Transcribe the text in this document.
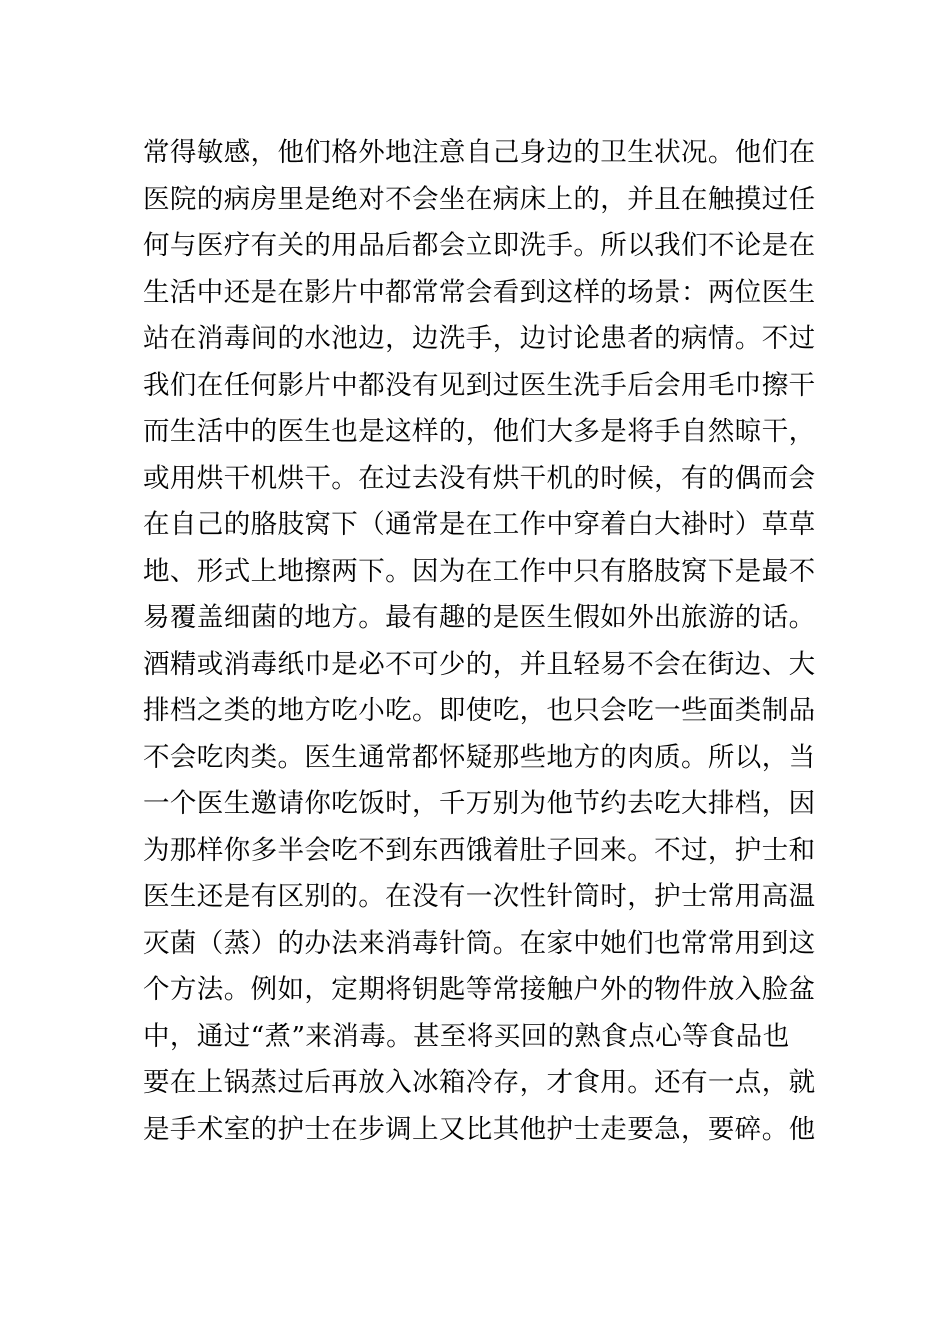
常得敏感，他们格外地注意自己身边的卫生状况。他们在
医院的病房里是绝对不会坐在病床上的，并且在触摸过任
何与医疗有关的用品后都会立即洗手。所以我们不论是在
生活中还是在影片中都常常会看到这样的场景：两位医生
站在消毒间的水池边，边洗手，边讨论患者的病情。不过
我们在任何影片中都没有见到过医生洗手后会用毛巾擦干
而生活中的医生也是这样的，他们大多是将手自然晾干，
或用烘干机烘干。在过去没有烘干机的时候，有的偶而会
在自己的胳肢窝下（通常是在工作中穿着白大褂时）草草
地、形式上地擦两下。因为在工作中只有胳肢窝下是最不
易覆盖细菌的地方。最有趣的是医生假如外出旅游的话。
酒精或消毒纸巾是必不可少的，并且轻易不会在街边、大
排档之类的地方吃小吃。即使吃，也只会吃一些面类制品
不会吃肉类。医生通常都怀疑那些地方的肉质。所以，当
一个医生邀请你吃饭时，千万别为他节约去吃大排档，因
为那样你多半会吃不到东西饿着肚子回来。不过，护士和
医生还是有区别的。在没有一次性针筒时，护士常用高温
灭菌（蒸）的办法来消毒针筒。在家中她们也常常用到这
个方法。例如，定期将钥匙等常接触户外的物件放入脸盆
中，通过“煮”来消毒。甚至将买回的熟食点心等食品也
要在上锅蒸过后再放入冰箱冷存，才食用。还有一点，就
是手术室的护士在步调上又比其他护士走要急，要碎。他
